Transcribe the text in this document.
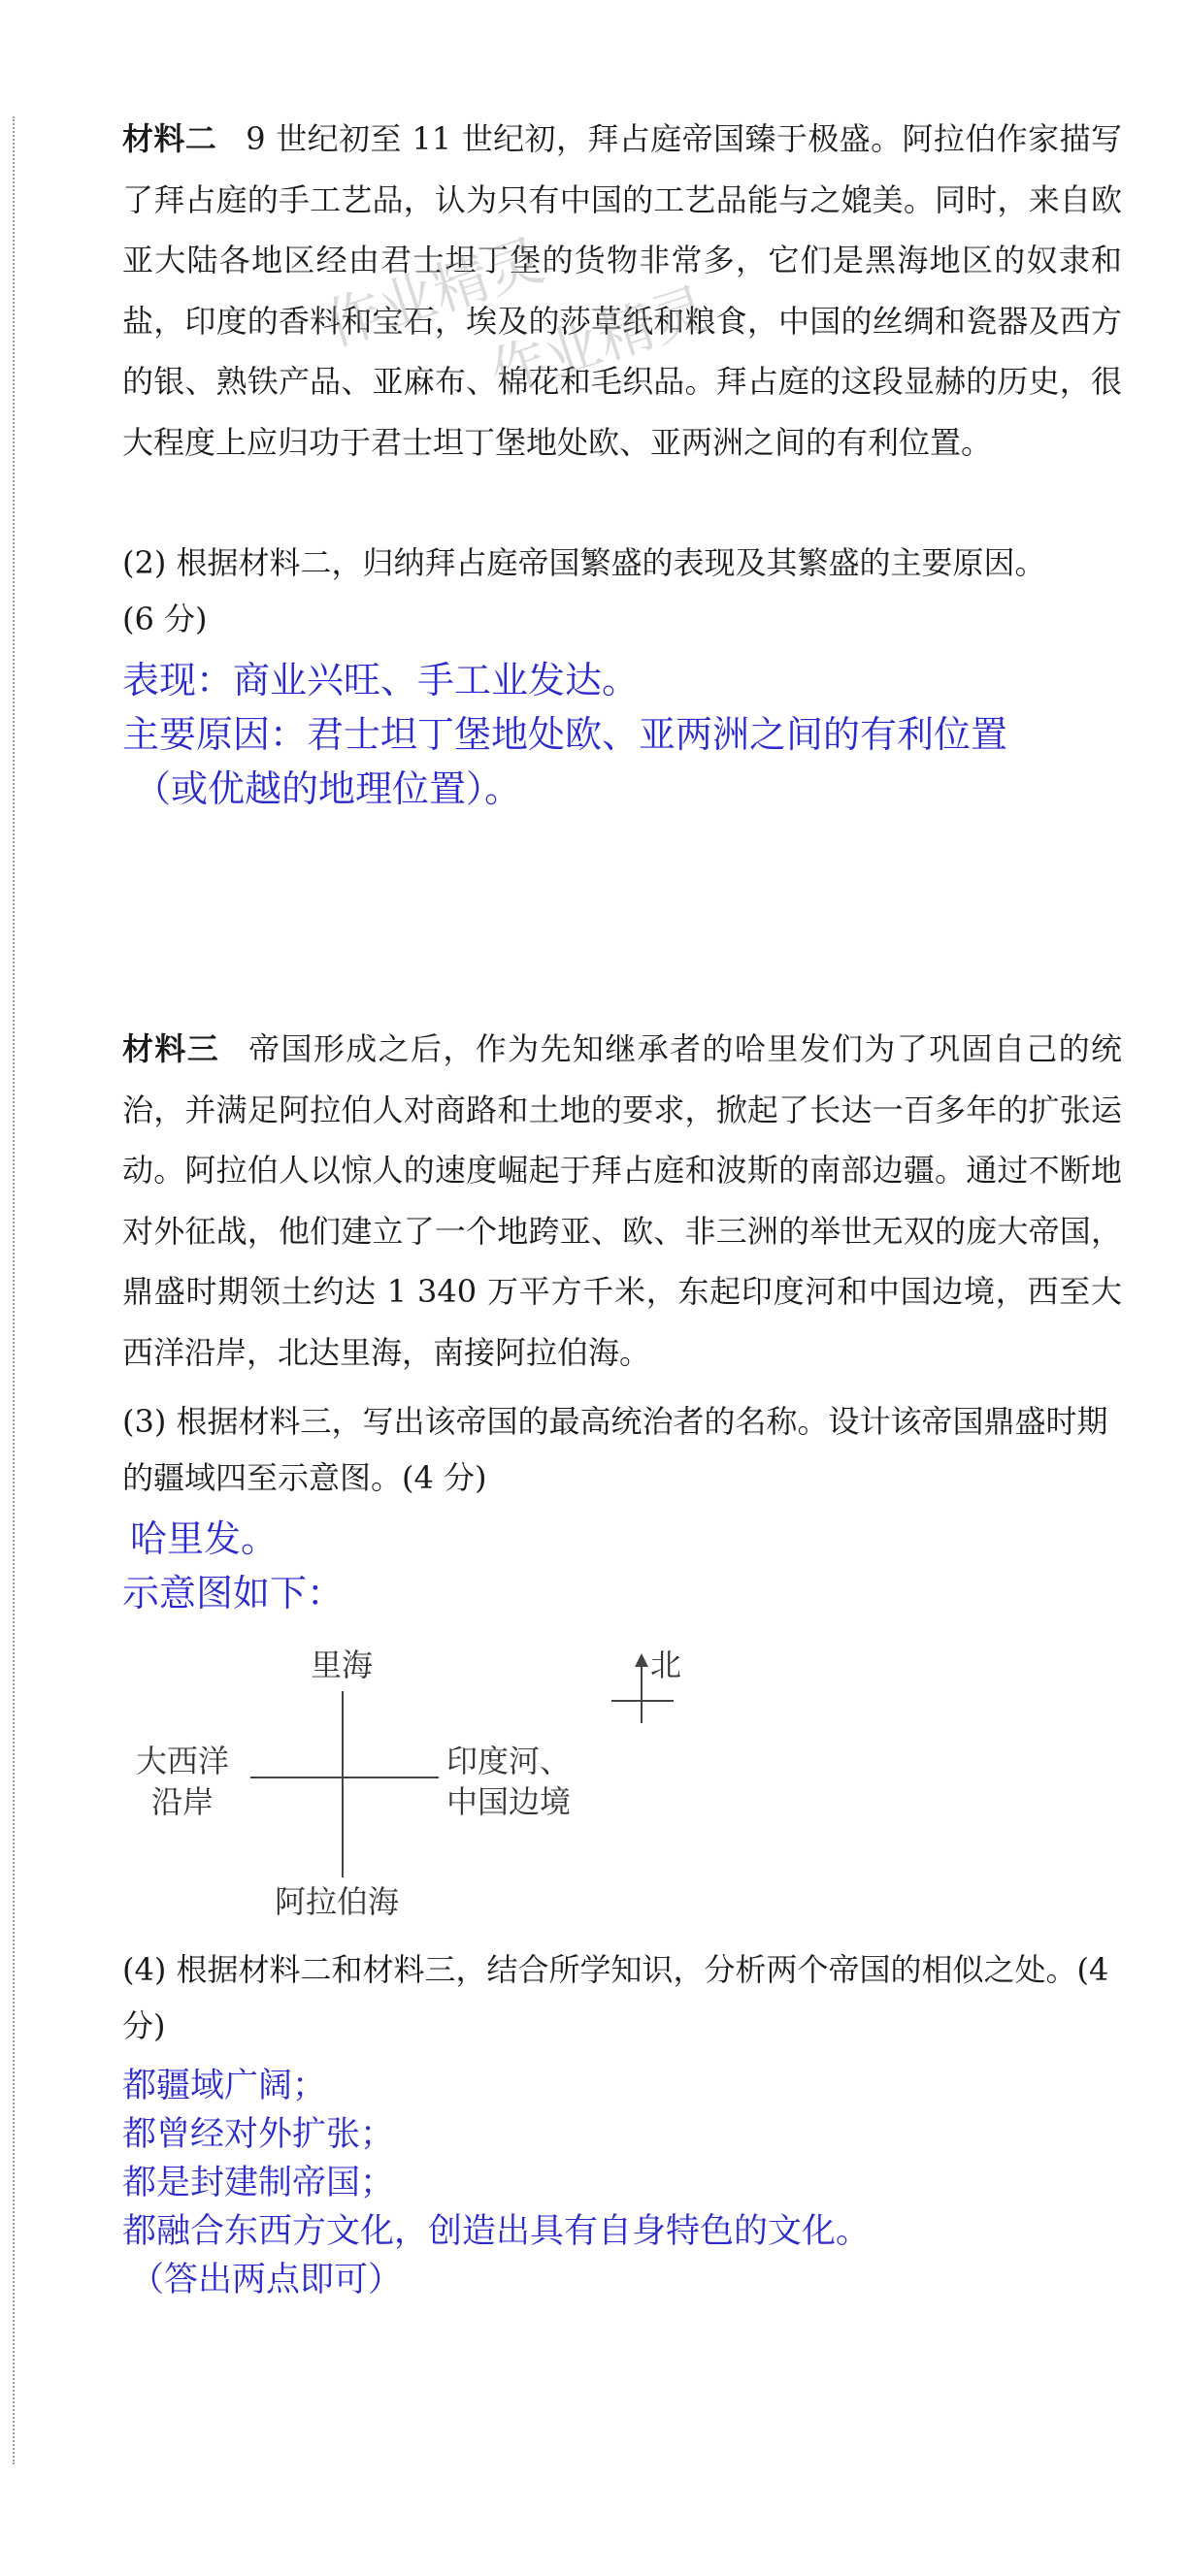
材料二 9 世纪初至 11 世纪初，拜占庭帝国臻于极盛。阿拉伯作家描写了拜占庭的手工艺品，认为只有中国的工艺品能与之媲美。同时，来自欧亚大陆各地区经由君士坦丁堡的货物非常多，它们是黑海地区的奴隶和盐，印度的香料和宝石，埃及的莎草纸和粮食，中国的丝绸和瓷器及西方的银、熟铁产品、亚麻布、棉花和毛织品。拜占庭的这段显赫的历史，很大程度上应归功于君士坦丁堡地处欧、亚两洲之间的有利位置。

作业精灵
作业精灵

(2) 根据材料二，归纳拜占庭帝国繁盛的表现及其繁盛的主要原因。

(6 分)

表现：商业兴旺、手工业发达。

主要原因：君士坦丁堡地处欧、亚两洲之间的有利位置

（或优越的地理位置）。

材料三 帝国形成之后，作为先知继承者的哈里发们为了巩固自己的统治，并满足阿拉伯人对商路和土地的要求，掀起了长达一百多年的扩张运动。阿拉伯人以惊人的速度崛起于拜占庭和波斯的南部边疆。通过不断地对外征战，他们建立了一个地跨亚、欧、非三洲的举世无双的庞大帝国，鼎盛时期领土约达 1 340 万平方千米，东起印度河和中国边境，西至大西洋沿岸，北达里海，南接阿拉伯海。

(3) 根据材料三，写出该帝国的最高统治者的名称。设计该帝国鼎盛时期的疆域四至示意图。(4 分)

哈里发。

示意图如下：

里海
大西洋
沿岸
印度河、
中国边境
阿拉伯海
北

(4) 根据材料二和材料三，结合所学知识，分析两个帝国的相似之处。(4 分)

都疆域广阔；

都曾经对外扩张；

都是封建制帝国；

都融合东西方文化，创造出具有自身特色的文化。

（答出两点即可）
